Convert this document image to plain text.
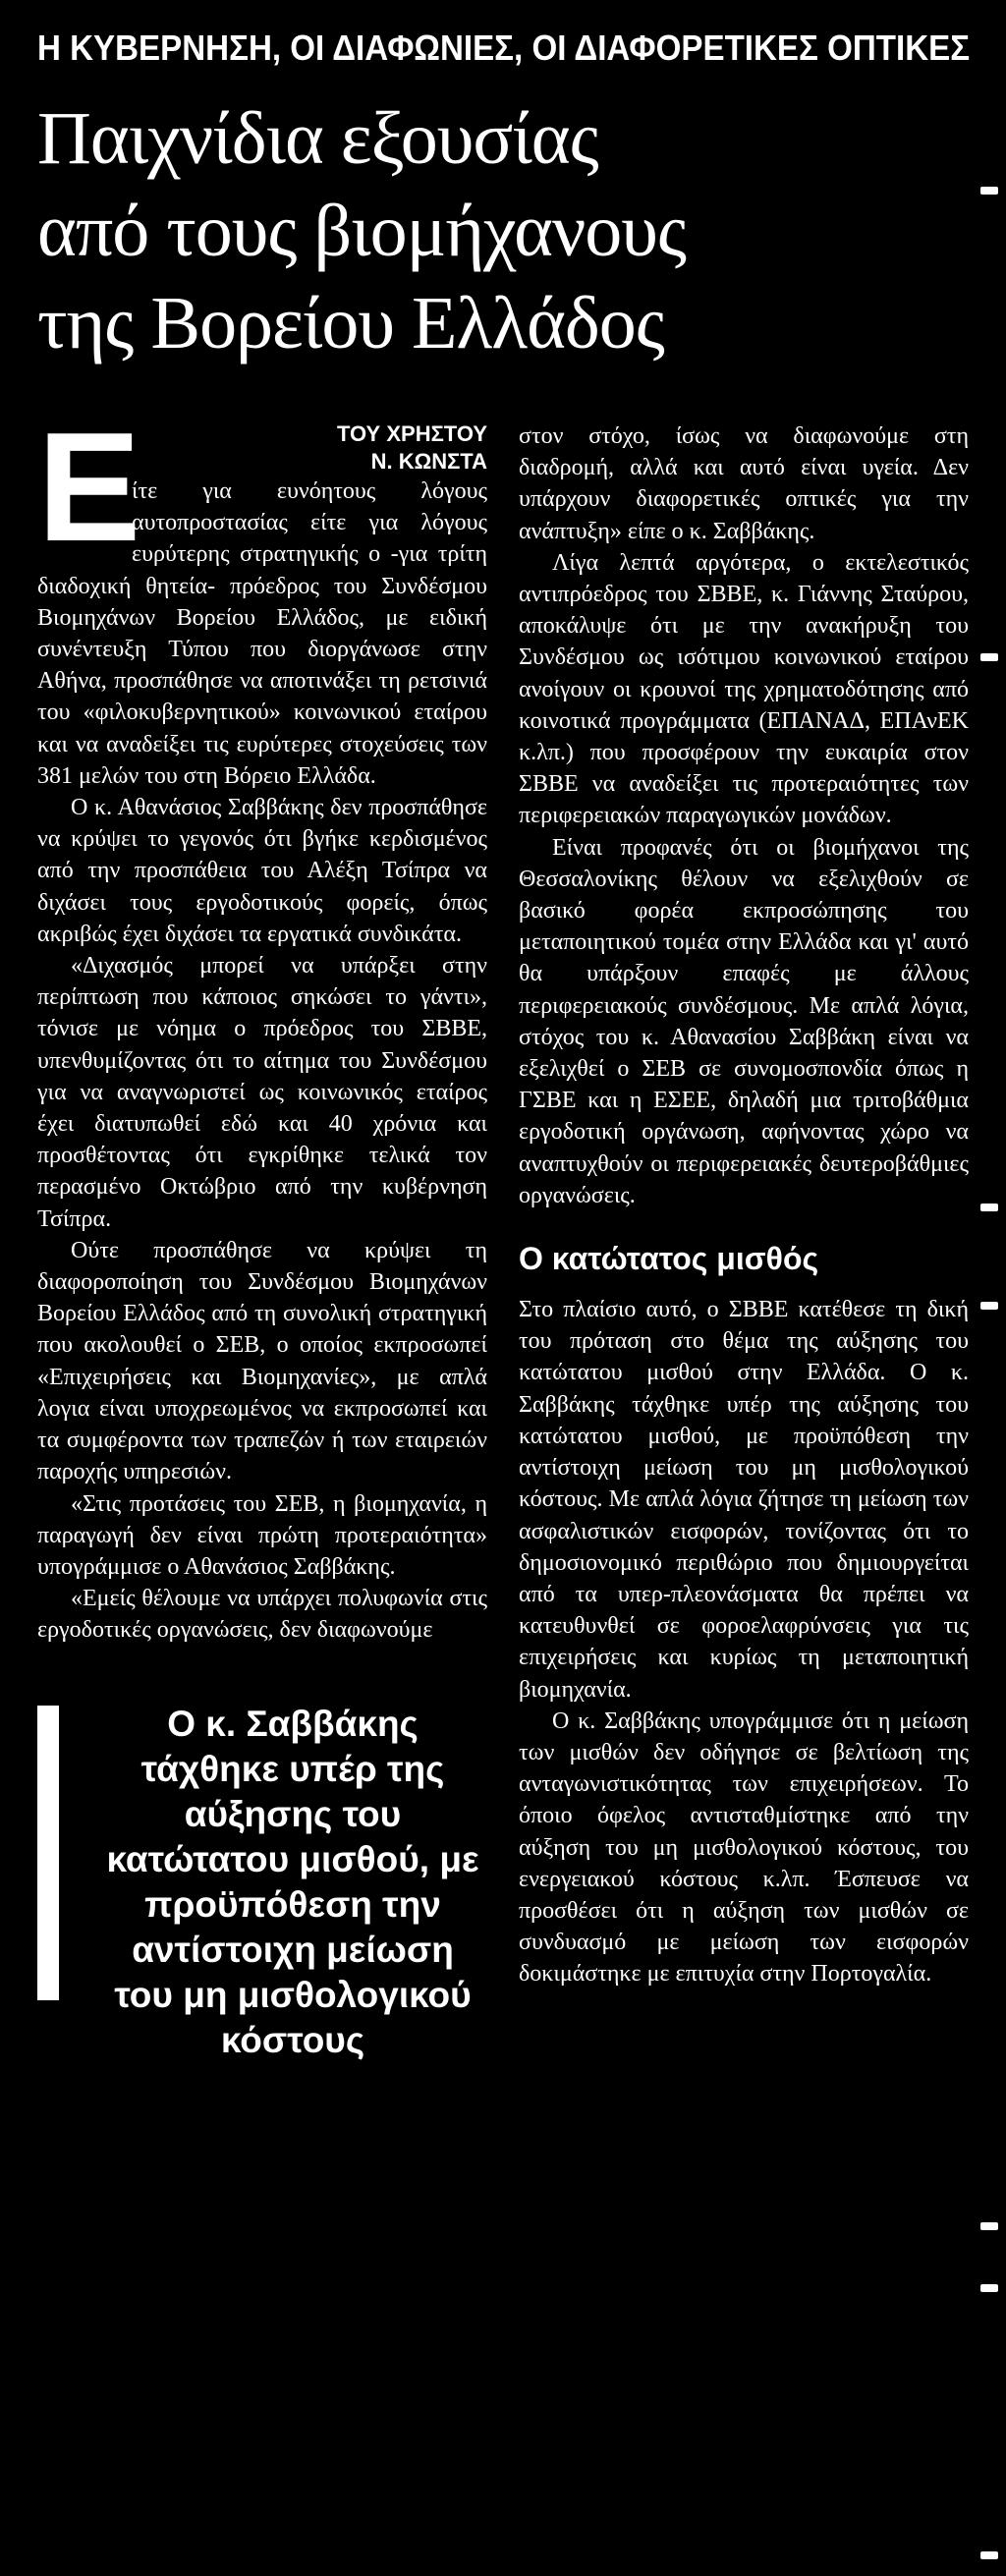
Η ΚΥΒΕΡΝΗΣΗ, ΟΙ ΔΙΑΦΩΝΙΕΣ, ΟΙ ΔΙΑΦΟΡΕΤΙΚΕΣ ΟΠΤΙΚΕΣ
Παιχνίδια εξουσίας
από τους βιομήχανους
της Βορείου Ελλάδος
Ε	ΤΟΥ ΧΡΗΣΤΟΥ
Ν. ΚΩΝΣΤΑ

ίτε για ευνόητους λόγους αυτοπροστασίας είτε για λόγους ευρύτερης στρατηγικής ο -για τρίτη διαδοχική θητεία- πρόεδρος του Συνδέσμου Βιομηχάνων Βορείου Ελλάδος, με ειδική συνέντευξη Τύπου που διοργάνωσε στην Αθήνα, προσπάθησε να αποτινάξει τη ρετσινιά του «φιλοκυβερνητικού» κοινωνικού εταίρου και να αναδείξει τις ευρύτερες στοχεύσεις των 381 μελών του στη Βόρειο Ελλάδα.

Ο κ. Αθανάσιος Σαββάκης δεν προσπάθησε να κρύψει το γεγονός ότι βγήκε κερδισμένος από την προσπάθεια του Αλέξη Τσίπρα να διχάσει τους εργοδοτικούς φορείς, όπως ακριβώς έχει διχάσει τα εργατικά συνδικάτα.

«Διχασμός μπορεί να υπάρξει στην περίπτωση που κάποιος σηκώσει το γάντι», τόνισε με νόημα ο πρόεδρος του ΣΒΒΕ, υπενθυμίζοντας ότι το αίτημα του Συνδέσμου για να αναγνωριστεί ως κοινωνικός εταίρος έχει διατυπωθεί εδώ και 40 χρόνια και προσθέτοντας ότι εγκρίθηκε τελικά τον περασμένο Οκτώβριο από την κυβέρνηση Τσίπρα.

Ούτε προσπάθησε να κρύψει τη διαφοροποίηση του Συνδέσμου Βιομηχάνων Βορείου Ελλάδος από τη συνολική στρατηγική που ακολουθεί ο ΣΕΒ, ο οποίος εκπροσωπεί «Επιχειρήσεις και Βιομηχανίες», με απλά λογια είναι υποχρεωμένος να εκπροσωπεί και τα συμφέροντα των τραπεζών ή των εταιρειών παροχής υπηρεσιών.

«Στις προτάσεις του ΣΕΒ, η βιομηχανία, η παραγωγή δεν είναι πρώτη προτεραιότητα» υπογράμμισε ο Αθανάσιος Σαββάκης.

«Εμείς θέλουμε να υπάρχει πολυφωνία στις εργοδοτικές οργανώσεις, δεν διαφωνούμε

Ο κ. Σαββάκης τάχθηκε υπέρ της αύξησης του κατώτατου μισθού, με προϋπόθεση την αντίστοιχη μείωση του μη μισθολογικού κόστους

στον στόχο, ίσως να διαφωνούμε στη διαδρομή, αλλά και αυτό είναι υγεία. Δεν υπάρχουν διαφορετικές οπτικές για την ανάπτυξη» είπε ο κ. Σαββάκης.

Λίγα λεπτά αργότερα, ο εκτελεστικός αντιπρόεδρος του ΣΒΒΕ, κ. Γιάννης Σταύρου, αποκάλυψε ότι με την ανακήρυξη του Συνδέσμου ως ισότιμου κοινωνικού εταίρου ανοίγουν οι κρουνοί της χρηματοδότησης από κοινοτικά προγράμματα (ΕΠΑΝΑΔ, ΕΠΑνΕΚ κ.λπ.) που προσφέρουν την ευκαιρία στον ΣΒΒΕ να αναδείξει τις προτεραιότητες των περιφερειακών παραγωγικών μονάδων.

Είναι προφανές ότι οι βιομήχανοι της Θεσσαλονίκης θέλουν να εξελιχθούν σε βασικό φορέα εκπροσώπησης του μεταποιητικού τομέα στην Ελλάδα και γι' αυτό θα υπάρξουν επαφές με άλλους περιφερειακούς συνδέσμους. Με απλά λόγια, στόχος του κ. Αθανασίου Σαββάκη είναι να εξελιχθεί ο ΣΕΒ σε συνομοσπονδία όπως η ΓΣΒΕ και η ΕΣΕΕ, δηλαδή μια τριτοβάθμια εργοδοτική οργάνωση, αφήνοντας χώρο να αναπτυχθούν οι περιφερειακές δευτεροβάθμιες οργανώσεις.

Ο κατώτατος μισθός

Στο πλαίσιο αυτό, ο ΣΒΒΕ κατέθεσε τη δική του πρόταση στο θέμα της αύξησης του κατώτατου μισθού στην Ελλάδα. Ο κ. Σαββάκης τάχθηκε υπέρ της αύξησης του κατώτατου μισθού, με προϋπόθεση την αντίστοιχη μείωση του μη μισθολογικού κόστους. Με απλά λόγια ζήτησε τη μείωση των ασφαλιστικών εισφορών, τονίζοντας ότι το δημοσιονομικό περιθώριο που δημιουργείται από τα υπερ-πλεονάσματα θα πρέπει να κατευθυνθεί σε φοροελαφρύνσεις για τις επιχειρήσεις και κυρίως τη μεταποιητική βιομηχανία.

Ο κ. Σαββάκης υπογράμμισε ότι η μείωση των μισθών δεν οδήγησε σε βελτίωση της ανταγωνιστικότητας των επιχειρήσεων. Το όποιο όφελος αντισταθμίστηκε από την αύξηση του μη μισθολογικού κόστους, του ενεργειακού κόστους κ.λπ. Έσπευσε να προσθέσει ότι η αύξηση των μισθών σε συνδυασμό με μείωση των εισφορών δοκιμάστηκε με επιτυχία στην Πορτογαλία.
